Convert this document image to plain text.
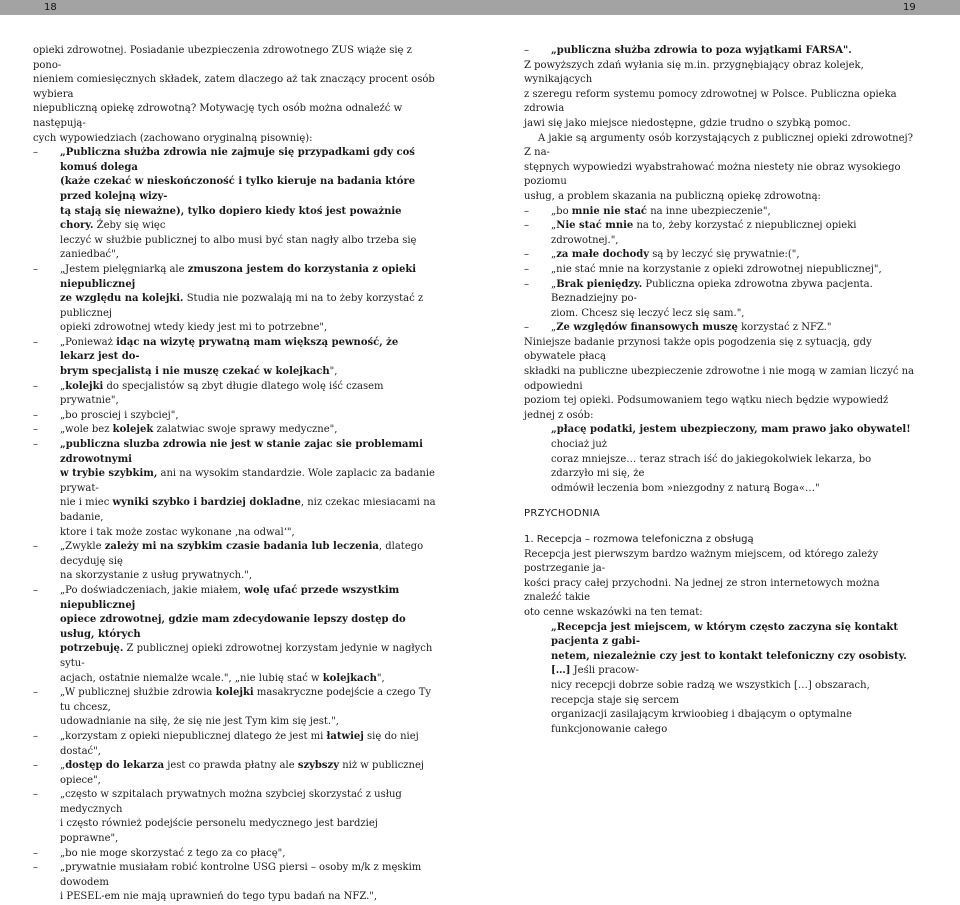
18	19

opieki zdrowotnej. Posiadanie ubezpieczenia zdrowotnego ZUS wiąże się z pono-

nieniem comiesięcznych składek, zatem dlaczego aż tak znaczący procent osób wybiera

niepubliczną opiekę zdrowotną? Motywację tych osób można odnaleźć w następują-

cych wypowiedziach (zachowano oryginalną pisownię):

– „Publiczna służba zdrowia nie zajmuje się przypadkami gdy coś komuś dolega

(każe czekać w nieskończoność i tylko kieruje na badania które przed kolejną wizy-

tą stają się nieważne), tylko dopiero kiedy ktoś jest poważnie chory. Żeby się więc

leczyć w służbie publicznej to albo musi być stan nagły albo trzeba się zaniedbać",

– „Jestem pielęgniarką ale zmuszona jestem do korzystania z opieki niepublicznej

ze względu na kolejki. Studia nie pozwalają mi na to żeby korzystać z publicznej

opieki zdrowotnej wtedy kiedy jest mi to potrzebne",

– „Ponieważ idąc na wizytę prywatną mam większą pewność, że lekarz jest do-

brym specjalistą i nie muszę czekać w kolejkach",

– „kolejki do specjalistów są zbyt długie dlatego wolę iść czasem prywatnie",

– „bo prosciej i szybciej",

– „wole bez kolejek zalatwiac swoje sprawy medyczne",

– „publiczna sluzba zdrowia nie jest w stanie zajac sie problemami zdrowotnymi

w trybie szybkim, ani na wysokim standardzie. Wole zaplacic za badanie prywat-

nie i miec wyniki szybko i bardziej dokladne, niz czekac miesiacami na badanie,

ktore i tak może zostac wykonane ‚na odwal‘",

– „Zwykle zależy mi na szybkim czasie badania lub leczenia, dlatego decyduję się

na skorzystanie z usług prywatnych.",

– „Po doświadczeniach, jakie miałem, wolę ufać przede wszystkim niepublicznej

opiece zdrowotnej, gdzie mam zdecydowanie lepszy dostęp do usług, których

potrzebuję. Z publicznej opieki zdrowotnej korzystam jedynie w nagłych sytu-

acjach, ostatnie niemalże wcale.", „nie lubię stać w kolejkach",

– „W publicznej służbie zdrowia kolejki masakryczne podejście a czego Ty tu chcesz,

udowadnianie na siłę, że się nie jest Tym kim się jest.",

– „korzystam z opieki niepublicznej dlatego że jest mi łatwiej się do niej dostać",

– „dostęp do lekarza jest co prawda płatny ale szybszy niż w publicznej opiece",

– „często w szpitalach prywatnych można szybciej skorzystać z usług medycznych

i często również podejście personelu medycznego jest bardziej poprawne",

– „bo nie moge skorzystać z tego za co płacę",

– „prywatnie musiałam robić kontrolne USG piersi – osoby m/k z męskim dowodem

i PESEL-em nie mają uprawnień do tego typu badań na NFZ.",

– „publiczna służba zdrowia to poza wyjątkami FARSA".

Z powyższych zdań wyłania się m.in. przygnębiający obraz kolejek, wynikających

z szeregu reform systemu pomocy zdrowotnej w Polsce. Publiczna opieka zdrowia

jawi się jako miejsce niedostępne, gdzie trudno o szybką pomoc.

A jakie są argumenty osób korzystających z publicznej opieki zdrowotnej? Z na-

stępnych wypowiedzi wyabstrahować można niestety nie obraz wysokiego poziomu

usług, a problem skazania na publiczną opiekę zdrowotną:

– „bo mnie nie stać na inne ubezpieczenie",

– „Nie stać mnie na to, żeby korzystać z niepublicznej opieki zdrowotnej.",

– „za małe dochody są by leczyć się prywatnie:(",

– „nie stać mnie na korzystanie z opieki zdrowotnej niepublicznej",

– „Brak pieniędzy. Publiczna opieka zdrowotna zbywa pacjenta. Beznadziejny po-

ziom. Chcesz się leczyć lecz się sam.",

– „Ze względów finansowych muszę korzystać z NFZ."

Niniejsze badanie przynosi także opis pogodzenia się z sytuacją, gdy obywatele płacą

składki na publiczne ubezpieczenie zdrowotne i nie mogą w zamian liczyć na odpowiedni

poziom tej opieki. Podsumowaniem tego wątku niech będzie wypowiedź jednej z osób:

„płacę podatki, jestem ubezpieczony, mam prawo jako obywatel! chociaż już

coraz mniejsze… teraz strach iść do jakiegokolwiek lekarza, bo zdarzyło mi się, że

odmówił leczenia bom »niezgodny z naturą Boga«…"

PRZYCHODNIA

1. Recepcja – rozmowa telefoniczna z obsługą

Recepcja jest pierwszym bardzo ważnym miejscem, od którego zależy postrzeganie ja-

kości pracy całej przychodni. Na jednej ze stron internetowych można znaleźć takie

oto cenne wskazówki na ten temat:

„Recepcja jest miejscem, w którym często zaczyna się kontakt pacjenta z gabi-

netem, niezależnie czy jest to kontakt telefoniczny czy osobisty. […] Jeśli pracow-

nicy recepcji dobrze sobie radzą we wszystkich […] obszarach, recepcja staje się sercem

organizacji zasilającym krwioobieg i dbającym o optymalne funkcjonowanie całego
